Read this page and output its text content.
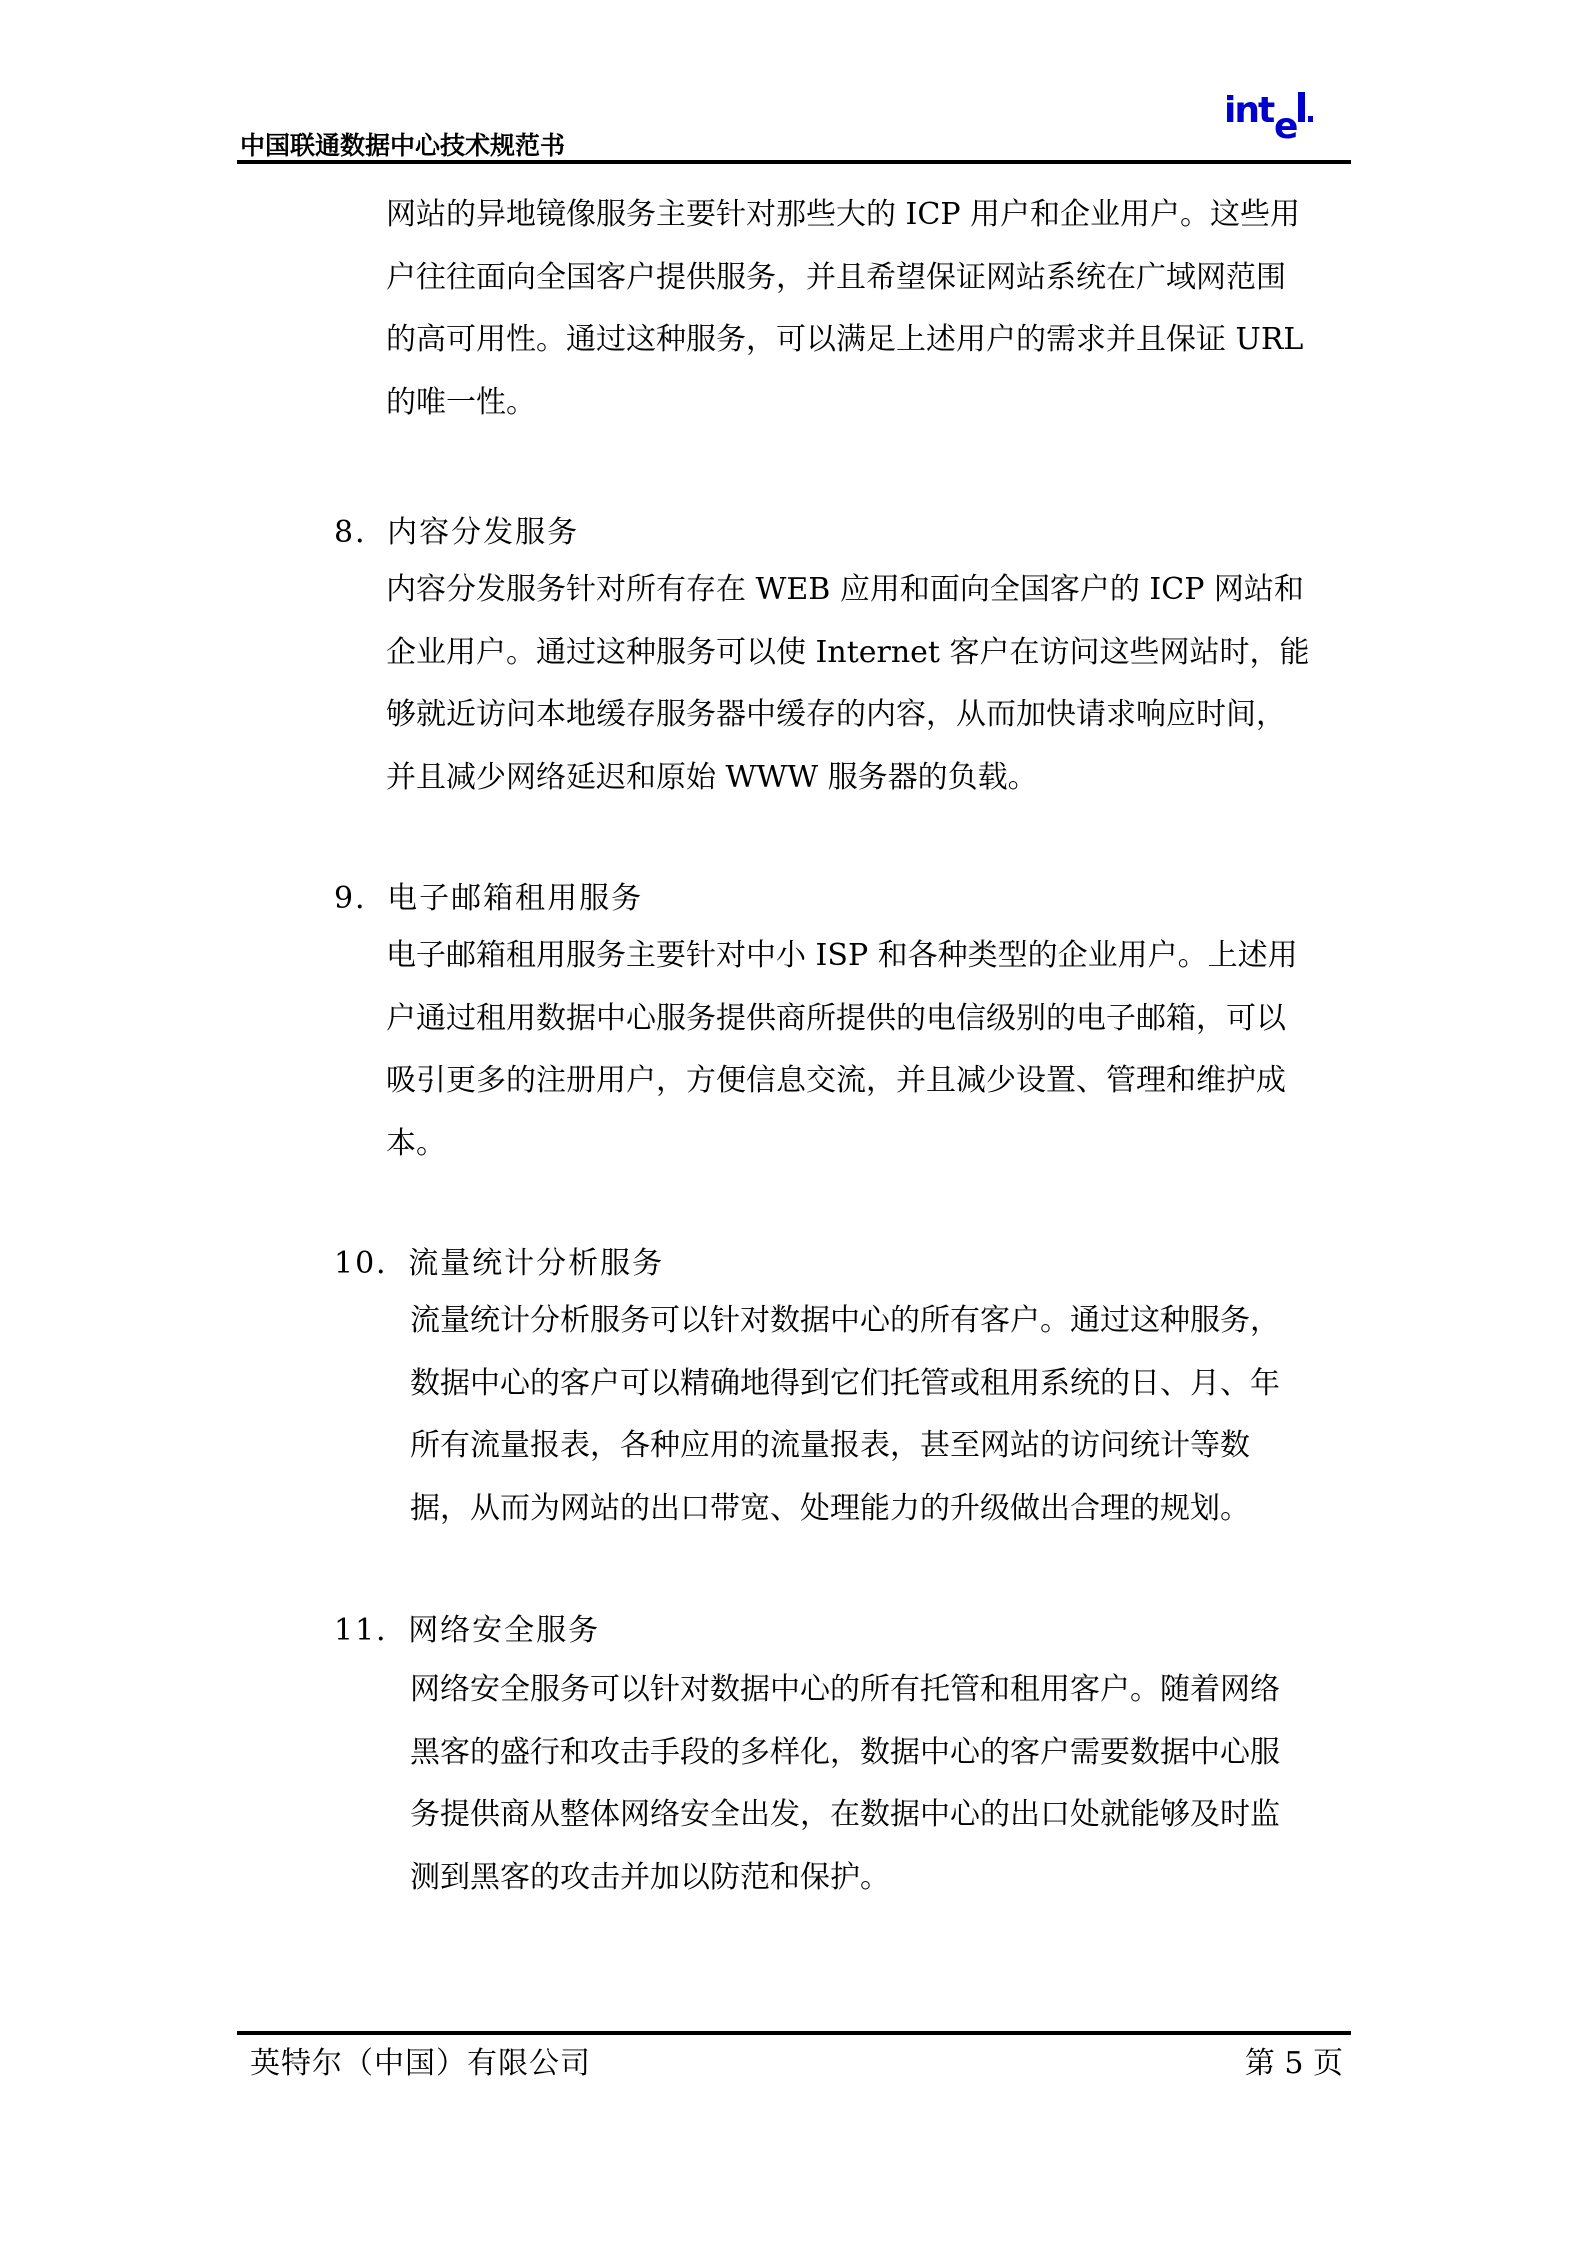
中国联通数据中心技术规范书
int e
网站的异地镜像服务主要针对那些大的 ICP 用户和企业用户。这些用
户往往面向全国客户提供服务，并且希望保证网站系统在广域网范围
的高可用性。通过这种服务，可以满足上述用户的需求并且保证 URL
的唯一性。
8．内容分发服务
内容分发服务针对所有存在 WEB 应用和面向全国客户的 ICP 网站和
企业用户。通过这种服务可以使 Internet 客户在访问这些网站时，能
够就近访问本地缓存服务器中缓存的内容，从而加快请求响应时间，
并且减少网络延迟和原始 WWW 服务器的负载。
9．电子邮箱租用服务
电子邮箱租用服务主要针对中小 ISP 和各种类型的企业用户。上述用
户通过租用数据中心服务提供商所提供的电信级别的电子邮箱，可以
吸引更多的注册用户，方便信息交流，并且减少设置、管理和维护成
本。
10．流量统计分析服务
流量统计分析服务可以针对数据中心的所有客户。通过这种服务，
数据中心的客户可以精确地得到它们托管或租用系统的日、月、年
所有流量报表，各种应用的流量报表，甚至网站的访问统计等数
据，从而为网站的出口带宽、处理能力的升级做出合理的规划。
11．网络安全服务
网络安全服务可以针对数据中心的所有托管和租用客户。随着网络
黑客的盛行和攻击手段的多样化，数据中心的客户需要数据中心服
务提供商从整体网络安全出发，在数据中心的出口处就能够及时监
测到黑客的攻击并加以防范和保护。
英特尔（中国）有限公司	第 5 页
